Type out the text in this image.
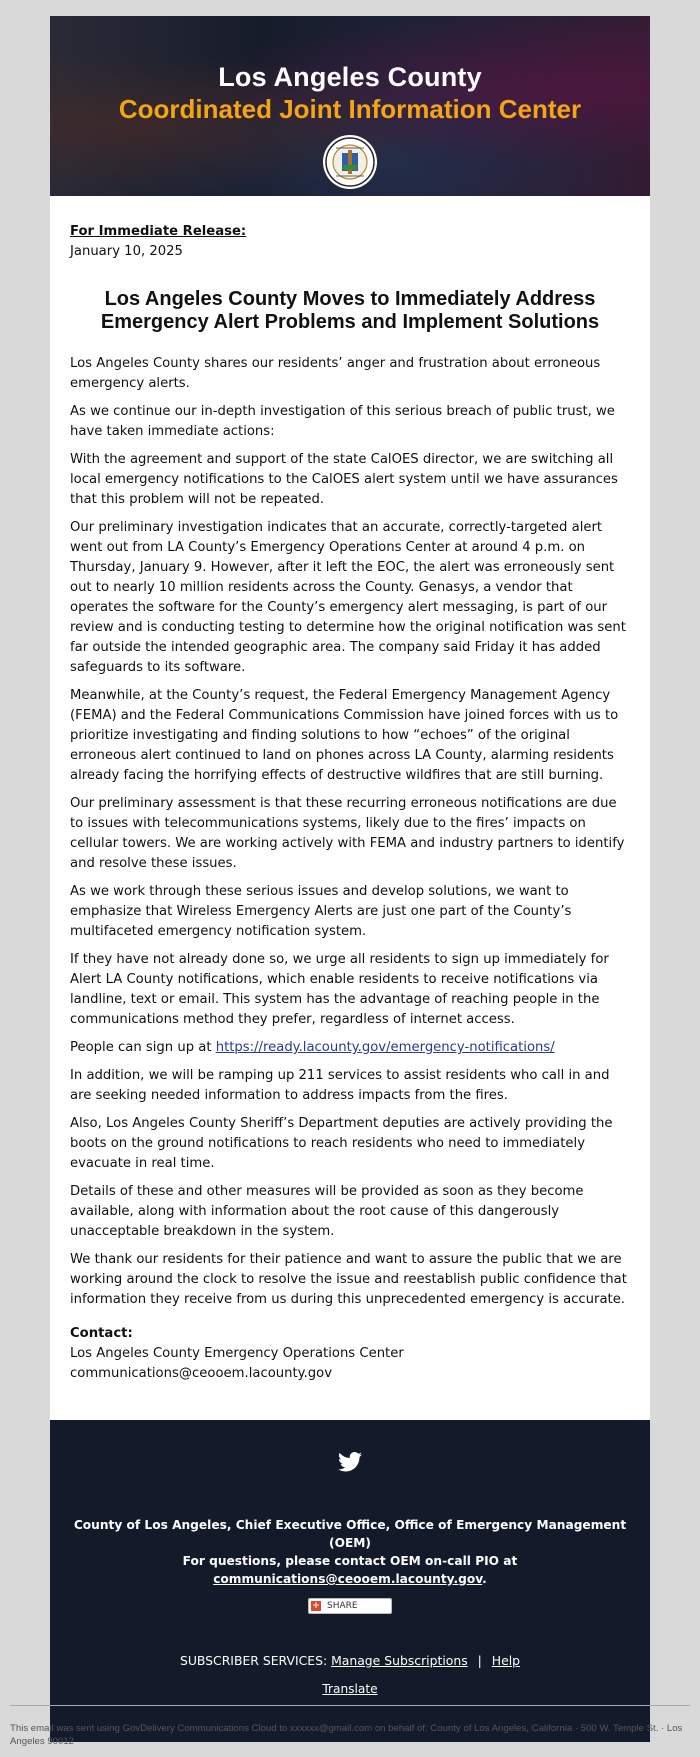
Los Angeles County
Coordinated Joint Information Center

For Immediate Release:

January 10, 2025

Los Angeles County Moves to Immediately Address Emergency Alert Problems and Implement Solutions

Los Angeles County shares our residents’ anger and frustration about erroneous emergency alerts.

As we continue our in-depth investigation of this serious breach of public trust, we have taken immediate actions:

With the agreement and support of the state CalOES director, we are switching all local emergency notifications to the CalOES alert system until we have assurances that this problem will not be repeated.

Our preliminary investigation indicates that an accurate, correctly-targeted alert went out from LA County’s Emergency Operations Center at around 4 p.m. on Thursday, January 9. However, after it left the EOC, the alert was erroneously sent out to nearly 10 million residents across the County. Genasys, a vendor that operates the software for the County’s emergency alert messaging, is part of our review and is conducting testing to determine how the original notification was sent far outside the intended geographic area. The company said Friday it has added safeguards to its software.

Meanwhile, at the County’s request, the Federal Emergency Management Agency (FEMA) and the Federal Communications Commission have joined forces with us to prioritize investigating and finding solutions to how “echoes” of the original erroneous alert continued to land on phones across LA County, alarming residents already facing the horrifying effects of destructive wildfires that are still burning.

Our preliminary assessment is that these recurring erroneous notifications are due to issues with telecommunications systems, likely due to the fires’ impacts on cellular towers. We are working actively with FEMA and industry partners to identify and resolve these issues.

As we work through these serious issues and develop solutions, we want to emphasize that Wireless Emergency Alerts are just one part of the County’s multifaceted emergency notification system.

If they have not already done so, we urge all residents to sign up immediately for Alert LA County notifications, which enable residents to receive notifications via landline, text or email. This system has the advantage of reaching people in the communications method they prefer, regardless of internet access.

People can sign up at https://ready.lacounty.gov/emergency-notifications/

In addition, we will be ramping up 211 services to assist residents who call in and are seeking needed information to address impacts from the fires.

Also, Los Angeles County Sheriff’s Department deputies are actively providing the boots on the ground notifications to reach residents who need to immediately evacuate in real time.

Details of these and other measures will be provided as soon as they become available, along with information about the root cause of this dangerously unacceptable breakdown in the system.

We thank our residents for their patience and want to assure the public that we are working around the clock to resolve the issue and reestablish public confidence that information they receive from us during this unprecedented emergency is accurate.

Contact:
Los Angeles County Emergency Operations Center
communications@ceooem.lacounty.gov
County of Los Angeles, Chief Executive Office, Office of Emergency Management (OEM)
For questions, please contact OEM on-call PIO at communications@ceooem.lacounty.gov.
+ SHARE
SUBSCRIBER SERVICES: Manage Subscriptions | Help
Translate
This email was sent using GovDelivery Communications Cloud to xxxxxx@gmail.com on behalf of: County of Los Angeles, California · 500 W. Temple St. · Los Angeles 90012
